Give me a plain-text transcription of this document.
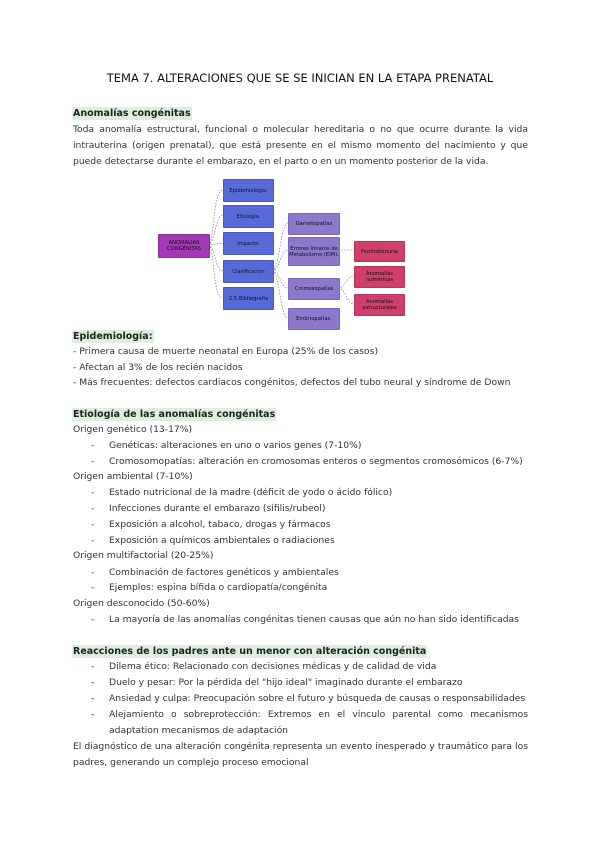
TEMA 7. ALTERACIONES QUE SE SE INICIAN EN LA ETAPA PRENATAL
Anomalías congénitas
Toda anomalía estructural, funcional o molecular hereditaria o no que ocurre durante la vida intrauterina (origen prenatal), que está presente en el mismo momento del nacimiento y que puede detectarse durante el embarazo, en el parto o en un momento posterior de la vida.
ANOMALÍAS CONGÉNITAS
Epidemiología.
Etiología.
Impacto.
Clasificación
2.5 Bibliografía
Gametopatías
Errores Innatos de Metabolismo (EIM).
Cromosopatías
Embriopatías.
Fenilcetonuria
Anomalías numéricas
Anomalías estructurales
Epidemiología:
- Primera causa de muerte neonatal en Europa (25% de los casos)
- Afectan al 3% de los recién nacidos
- Más frecuentes: defectos cardiacos congénitos, defectos del tubo neural y síndrome de Down
Etiología de las anomalías congénitas
Origen genético (13-17%)
- Genéticas: alteraciones en uno o varios genes (7-10%)
- Cromosomopatías: alteración en cromosomas enteros o segmentos cromosómicos (6-7%)
Origen ambiental (7-10%)
- Estado nutricional de la madre (déficit de yodo o ácido fólico)
- Infecciones durante el embarazo (sífilis/rubeol)
- Exposición a alcohol, tabaco, drogas y fármacos
- Exposición a químicos ambientales o radiaciones
Origen multifactorial (20-25%)
- Combinación de factores genéticos y ambientales
- Ejemplos: espina bífida o cardiopatía/congénita
Origen desconocido (50-60%)
- La mayoría de las anomalías congénitas tienen causas que aún no han sido identificadas
Reacciones de los padres ante un menor con alteración congénita
- Dilema ético: Relacionado con decisiones médicas y de calidad de vida
- Duelo y pesar: Por la pérdida del "hijo ideal" imaginado durante el embarazo
- Ansiedad y culpa: Preocupación sobre el futuro y búsqueda de causas o responsabilidades
- Alejamiento o sobreprotección: Extremos en el vínculo parental como mecanismos adaptation mecanismos de adaptación
El diagnóstico de una alteración congénita representa un evento inesperado y traumático para los padres, generando un complejo proceso emocional
